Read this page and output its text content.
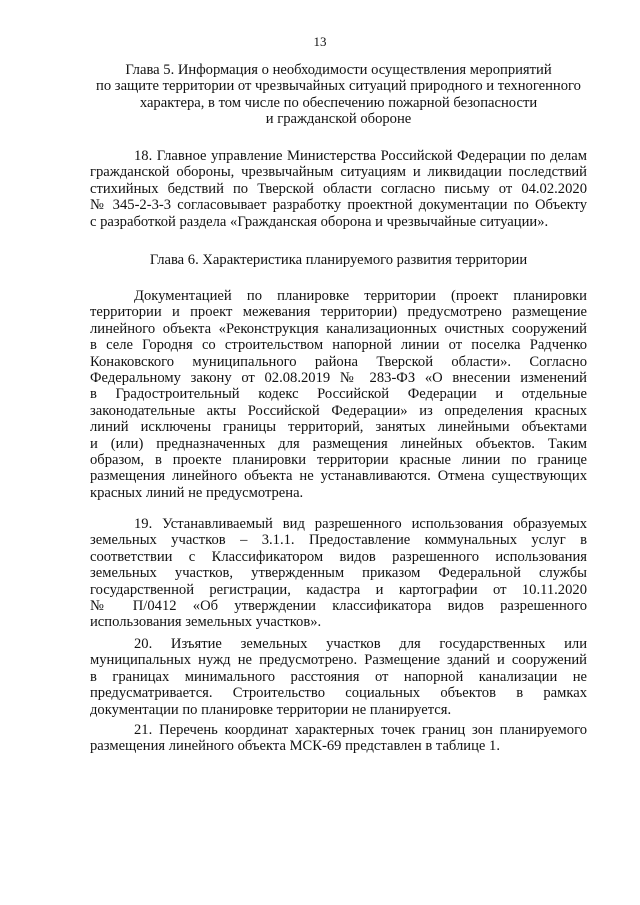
13
Глава 5. Информация о необходимости осуществления мероприятий
по защите территории от чрезвычайных ситуаций природного и техногенного
характера, в том числе по обеспечению пожарной безопасности
и гражданской обороне
18. Главное управление Министерства Российской Федерации по делам
гражданской обороны, чрезвычайным ситуациям и ликвидации последствий
стихийных бедствий по Тверской области согласно письму от 04.02.2020
№ 345-2-3-3 согласовывает разработку проектной документации по Объекту
с разработкой раздела «Гражданская оборона и чрезвычайные ситуации».
Глава 6. Характеристика планируемого развития территории
Документацией по планировке территории (проект планировки
территории и проект межевания территории) предусмотрено размещение
линейного объекта «Реконструкция канализационных очистных сооружений
в селе Городня со строительством напорной линии от поселка Радченко
Конаковского муниципального района Тверской области». Согласно
Федеральному закону от 02.08.2019 № 283-ФЗ «О внесении изменений
в Градостроительный кодекс Российской Федерации и отдельные
законодательные акты Российской Федерации» из определения красных
линий исключены границы территорий, занятых линейными объектами
и (или) предназначенных для размещения линейных объектов. Таким
образом, в проекте планировки территории красные линии по границе
размещения линейного объекта не устанавливаются. Отмена существующих
красных линий не предусмотрена.
19. Устанавливаемый вид разрешенного использования образуемых
земельных участков – 3.1.1. Предоставление коммунальных услуг в
соответствии с Классификатором видов разрешенного использования
земельных участков, утвержденным приказом Федеральной службы
государственной регистрации, кадастра и картографии от 10.11.2020
№ П/0412 «Об утверждении классификатора видов разрешенного
использования земельных участков».
20. Изъятие земельных участков для государственных или
муниципальных нужд не предусмотрено. Размещение зданий и сооружений
в границах минимального расстояния от напорной канализации не
предусматривается. Строительство социальных объектов в рамках
документации по планировке территории не планируется.
21. Перечень координат характерных точек границ зон планируемого
размещения линейного объекта МСК-69 представлен в таблице 1.
